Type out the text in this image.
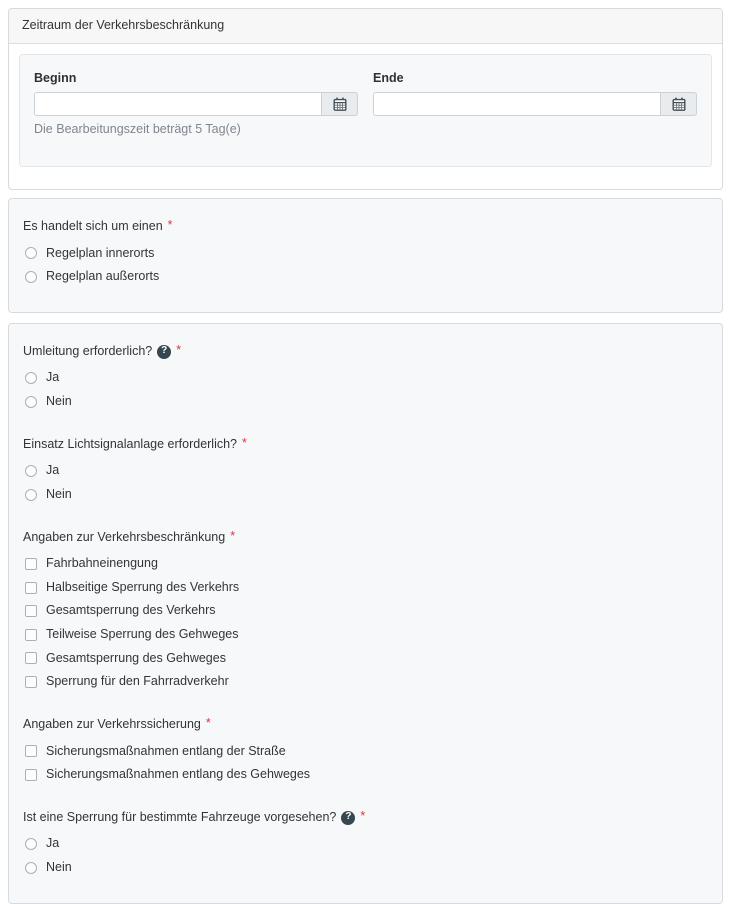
Zeitraum der Verkehrsbeschränkung
Beginn
Die Bearbeitungszeit beträgt 5 Tag(e)
Ende
Es handelt sich um einen *
Regelplan innerorts
Regelplan außerorts
Umleitung erforderlich? ? *
Ja
Nein
Einsatz Lichtsignalanlage erforderlich? *
Ja
Nein
Angaben zur Verkehrsbeschränkung *
Fahrbahneinengung
Halbseitige Sperrung des Verkehrs
Gesamtsperrung des Verkehrs
Teilweise Sperrung des Gehweges
Gesamtsperrung des Gehweges
Sperrung für den Fahrradverkehr
Angaben zur Verkehrssicherung *
Sicherungsmaßnahmen entlang der Straße
Sicherungsmaßnahmen entlang des Gehweges
Ist eine Sperrung für bestimmte Fahrzeuge vorgesehen? ? *
Ja
Nein
